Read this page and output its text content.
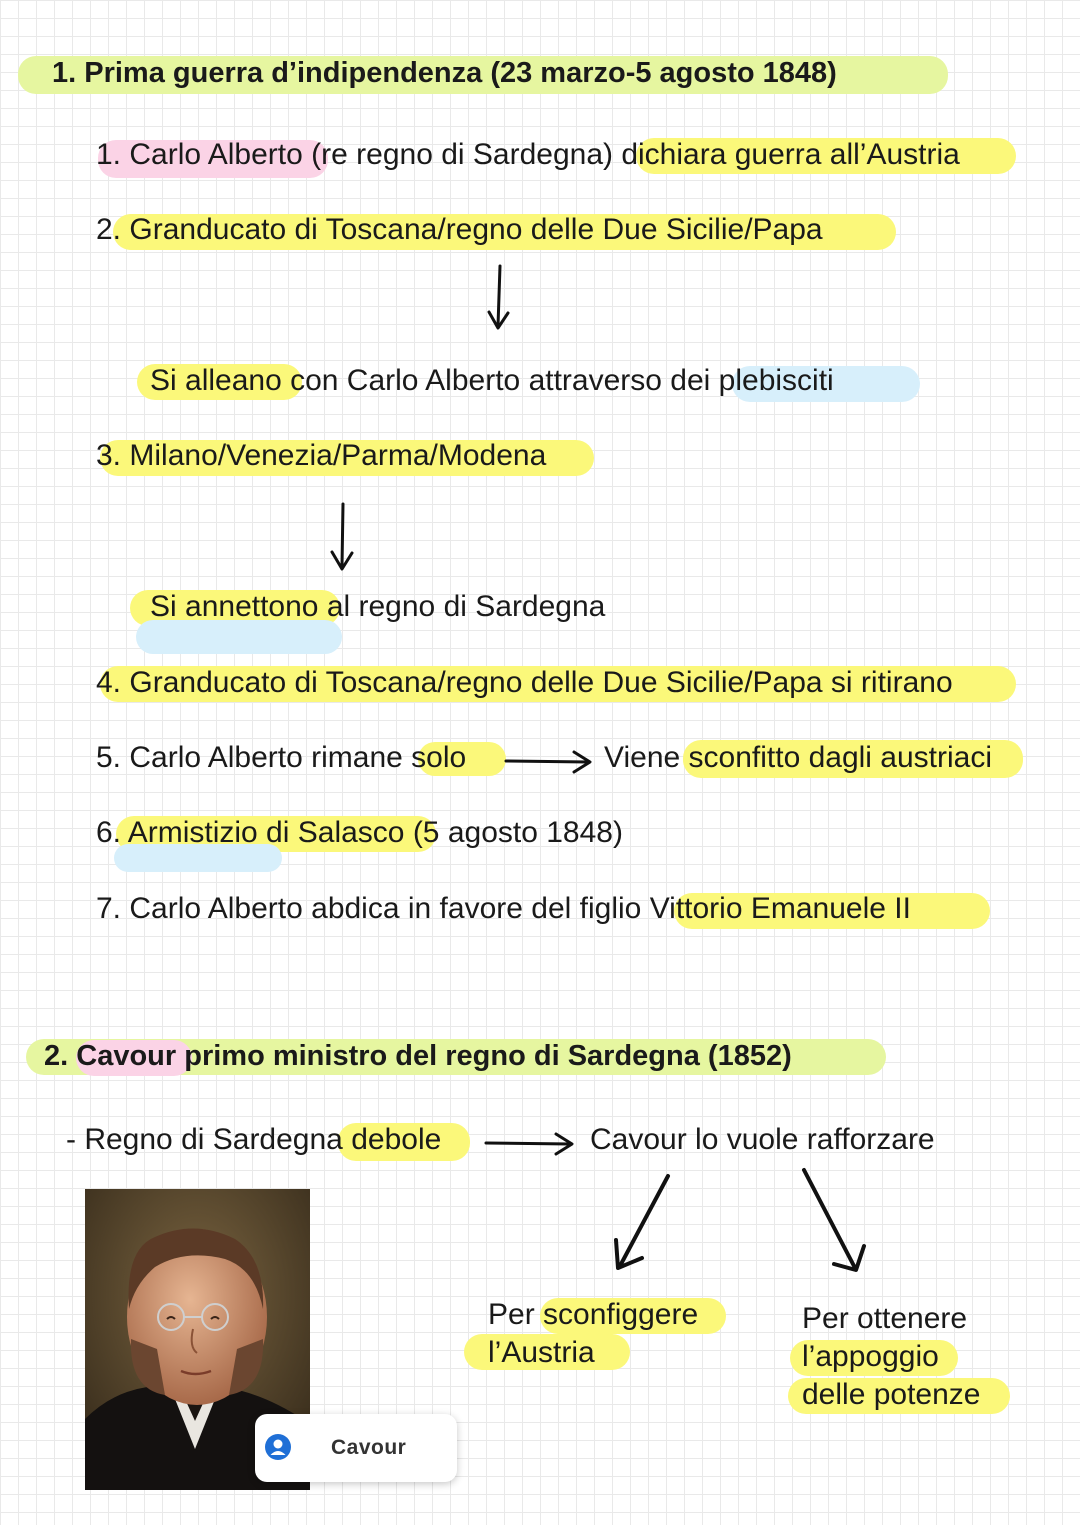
1. Prima guerra d’indipendenza (23 marzo-5 agosto 1848)
1. Carlo Alberto (re regno di Sardegna) dichiara guerra all’Austria
2. Granducato di Toscana/regno delle Due Sicilie/Papa
Si alleano con Carlo Alberto attraverso dei plebisciti
3. Milano/Venezia/Parma/Modena
Si annettono al regno di Sardegna
4. Granducato di Toscana/regno delle Due Sicilie/Papa si ritirano
5. Carlo Alberto rimane solo	Viene sconfitto dagli austriaci
6. Armistizio di Salasco (5 agosto 1848)
7. Carlo Alberto abdica in favore del figlio Vittorio Emanuele II
2. Cavour primo ministro del regno di Sardegna (1852)
- Regno di Sardegna debole	Cavour lo vuole rafforzare
Per sconfiggere
l’Austria
Per ottenere
l’appoggio
delle potenze
Cavour
